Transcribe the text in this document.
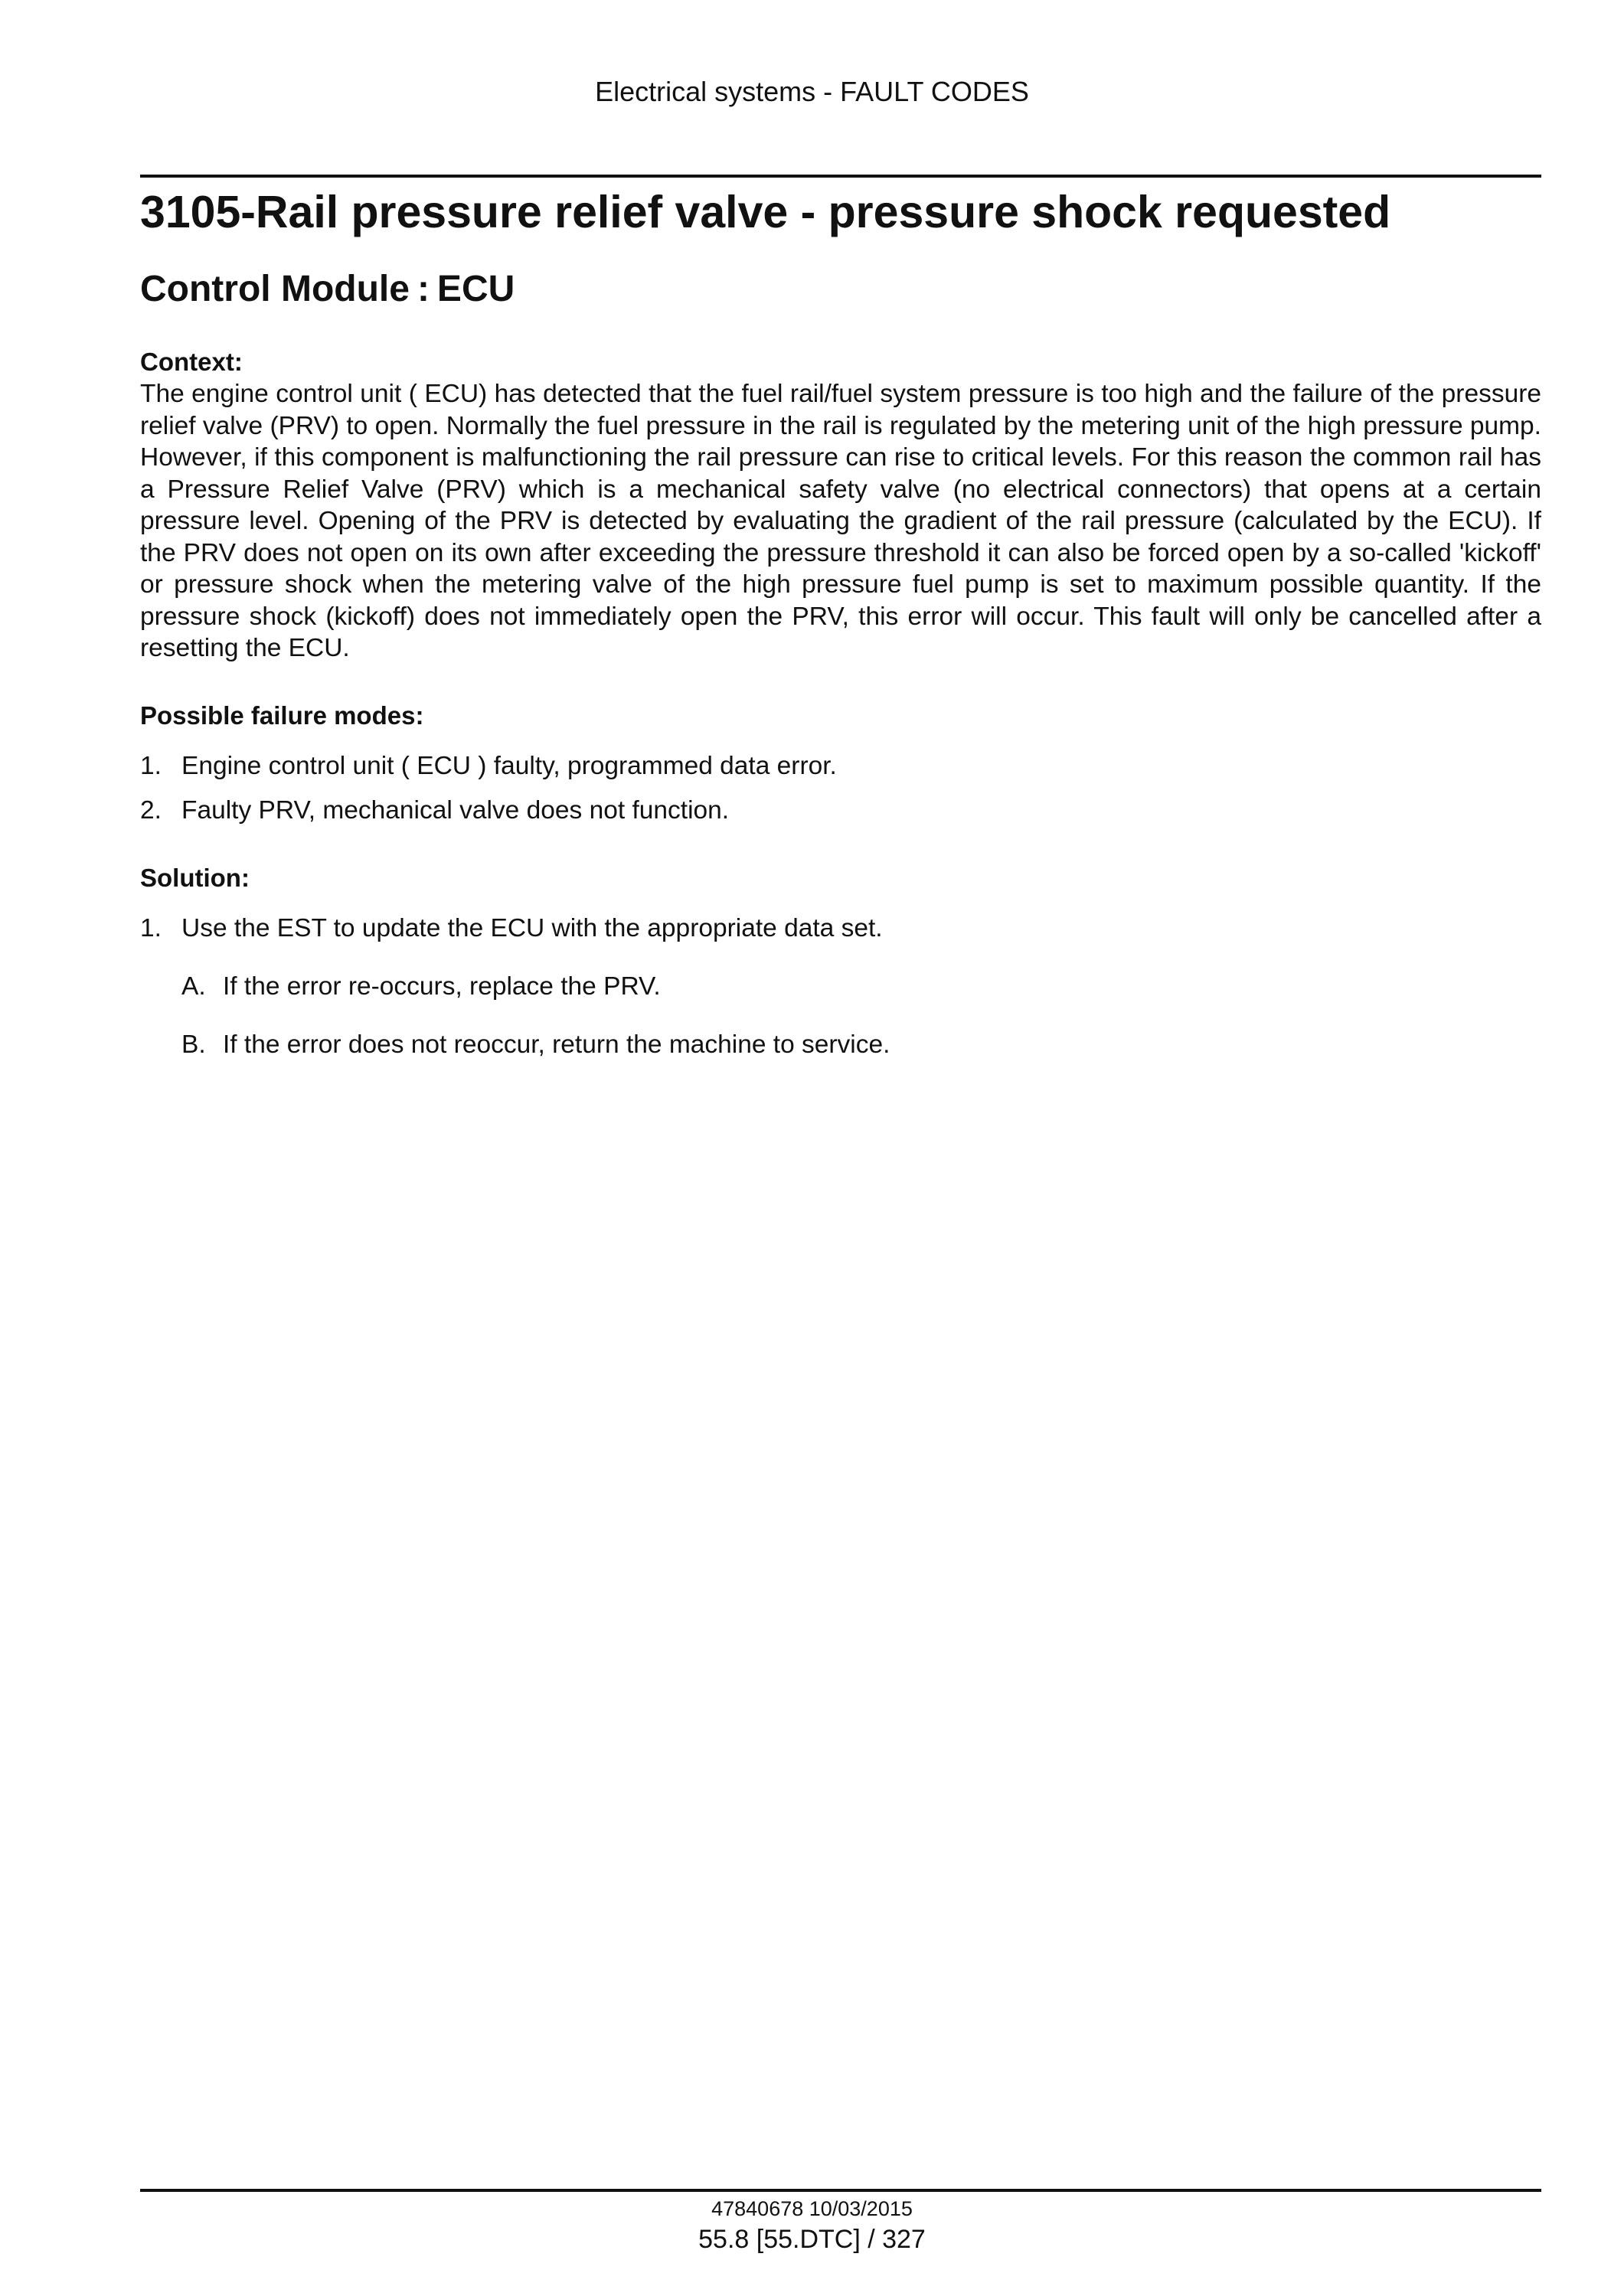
Electrical systems - FAULT CODES
3105-Rail pressure relief valve - pressure shock requested
Control Module : ECU
Context:

The engine control unit ( ECU) has detected that the fuel rail/fuel system pressure is too high and the failure of the pressure relief valve (PRV) to open. Normally the fuel pressure in the rail is regulated by the metering unit of the high pressure pump. However, if this component is malfunctioning the rail pressure can rise to critical levels. For this reason the common rail has a Pressure Relief Valve (PRV) which is a mechanical safety valve (no electrical connectors) that opens at a certain pressure level. Opening of the PRV is detected by evaluating the gradient of the rail pressure (calculated by the ECU). If the PRV does not open on its own after exceeding the pressure threshold it can also be forced open by a so-called 'kickoff' or pressure shock when the metering valve of the high pressure fuel pump is set to maximum possible quantity. If the pressure shock (kickoff) does not immediately open the PRV, this error will occur. This fault will only be cancelled after a resetting the ECU.

Possible failure modes:
1. Engine control unit ( ECU ) faulty, programmed data error.
2. Faulty PRV, mechanical valve does not function.
Solution:
1. Use the EST to update the ECU with the appropriate data set.
A. If the error re-occurs, replace the PRV.
B. If the error does not reoccur, return the machine to service.
47840678 10/03/2015
55.8 [55.DTC] / 327
